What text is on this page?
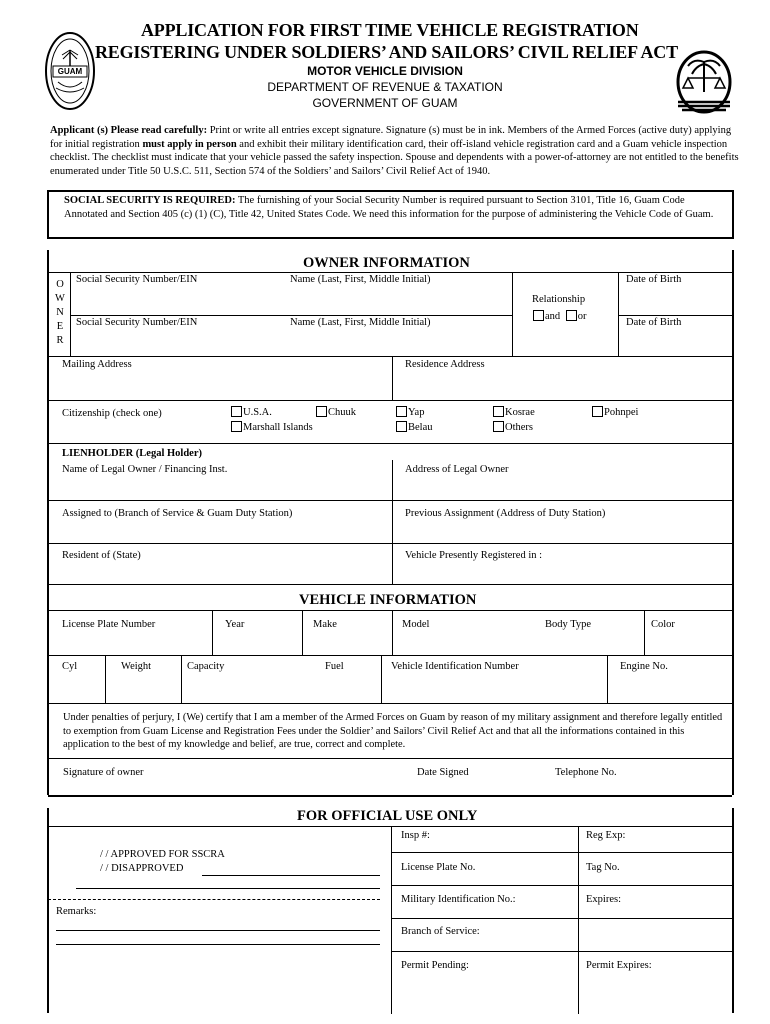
GUAM
APPLICATION FOR FIRST TIME VEHICLE REGISTRATION
REGISTERING UNDER SOLDIERS’ AND SAILORS’ CIVIL RELIEF ACT
MOTOR VEHICLE DIVISION
DEPARTMENT OF REVENUE & TAXATION
GOVERNMENT OF GUAM
Applicant (s) Please read carefully: Print or write all entries except signature. Signature (s) must be in ink. Members of the Armed Forces (active duty) applying for initial registration must apply in person and exhibit their military identification card, their off-island vehicle registration card and a Guam vehicle inspection checklist. The checklist must indicate that your vehicle passed the safety inspection. Spouse and dependents with a power-of-attorney are not entitled to the benefits enumerated under Title 50 U.S.C. 511, Section 574 of the Soldiers’ and Sailors’ Civil Relief Act of 1940.
SOCIAL SECURITY IS REQUIRED: The furnishing of your Social Security Number is required pursuant to Section 3101, Title 16, Guam Code Annotated and Section 405 (c) (1) (C), Title 42, United States Code. We need this information for the purpose of administering the Vehicle Code of Guam.
OWNER INFORMATION
O
W
N
E
R
Social Security Number/EIN	Name (Last, First, Middle Initial)	Date of Birth
Relationship
and or
Social Security Number/EIN	Name (Last, First, Middle Initial)	Date of Birth
Mailing Address	Residence Address
Citizenship (check one)	U.S.A.	Chuuk	Yap	Kosrae	Pohnpei
Marshall Islands	Belau	Others
LIENHOLDER (Legal Holder)
Name of Legal Owner / Financing Inst.	Address of Legal Owner
Assigned to (Branch of Service & Guam Duty Station)	Previous Assignment (Address of Duty Station)
Resident of (State)	Vehicle Presently Registered in :
VEHICLE INFORMATION
License Plate Number	Year	Make	Model	Body Type	Color
Cyl	Weight	Capacity	Fuel	Vehicle Identification Number	Engine No.
Under penalties of perjury, I (We) certify that I am a member of the Armed Forces on Guam by reason of my military assignment and therefore legally entitled to exemption from Guam License and Registration Fees under the Soldier’ and Sailors’ Civil Relief Act and that all the informations contained in this application to the best of my knowledge and belief, are true, correct and complete.
Signature of owner	Date Signed	Telephone No.
FOR OFFICIAL USE ONLY
/ / APPROVED FOR SSCRA
/ / DISAPPROVED
Remarks:
Insp #:	Reg Exp:
License Plate No.	Tag No.
Military Identification No.:	Expires:
Branch of Service:
Permit Pending:	Permit Expires:
